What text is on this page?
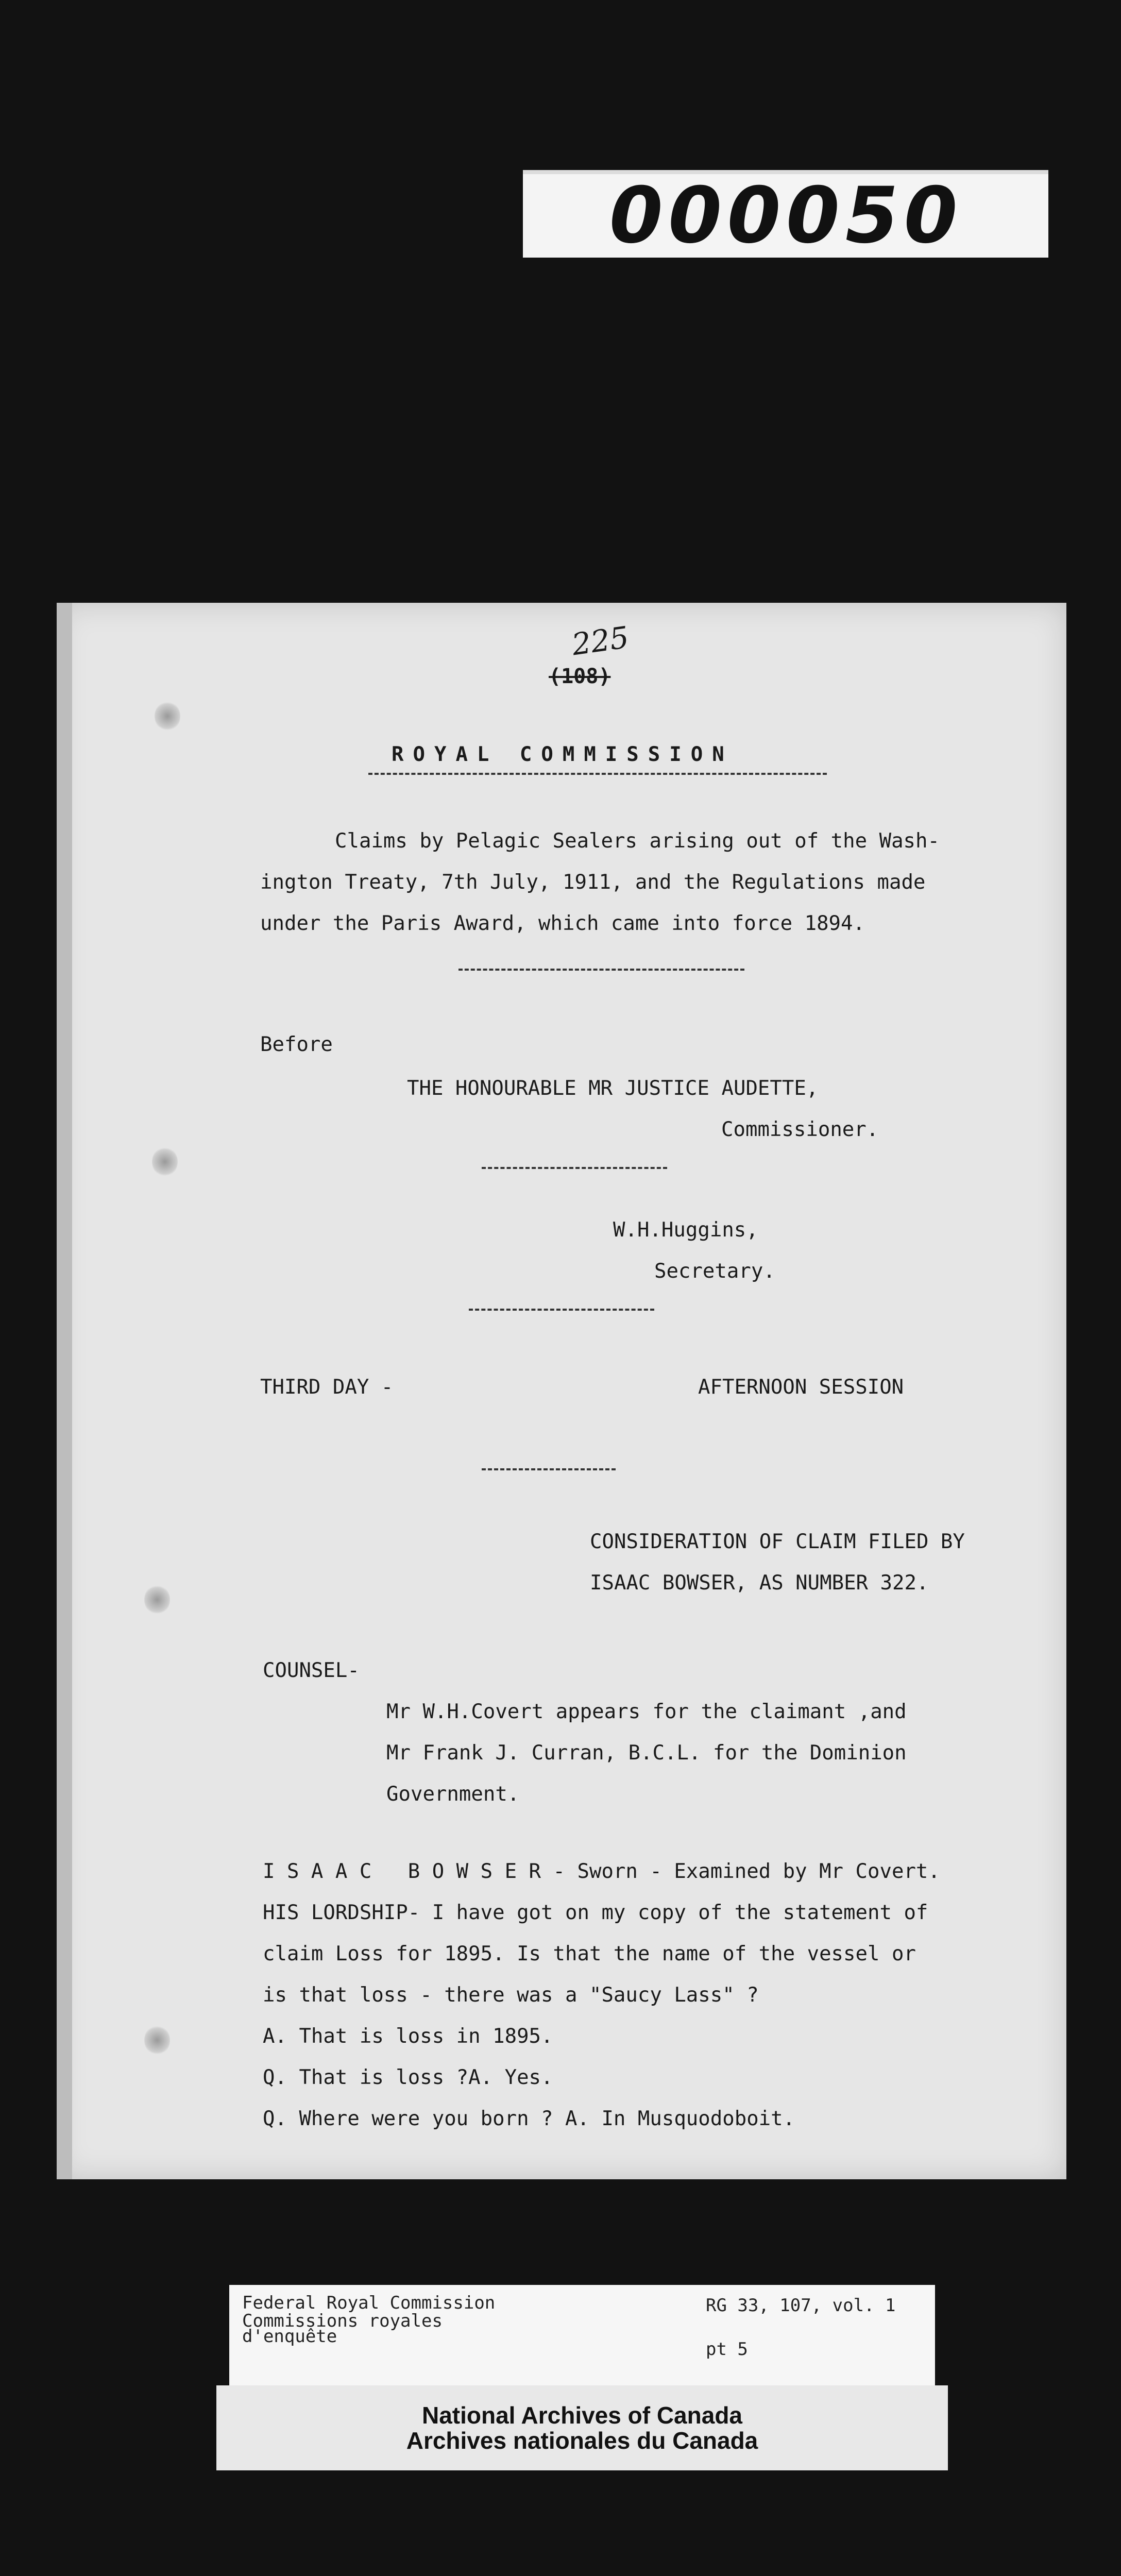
000050
225
(108)
ROYAL COMMISSION
Claims by Pelagic Sealers arising out of the Wash-
ington Treaty, 7th July, 1911, and the Regulations made
under the Paris Award, which came into force 1894.
Before
THE HONOURABLE MR JUSTICE AUDETTE,
Commissioner.
W.H.Huggins,
Secretary.
THIRD DAY -	AFTERNOON SESSION
CONSIDERATION OF CLAIM FILED BY
ISAAC BOWSER, AS NUMBER 322.
COUNSEL-
Mr W.H.Covert appears for the claimant ,and
Mr Frank J. Curran, B.C.L. for the Dominion
Government.
I S A A C   B O W S E R - Sworn - Examined by Mr Covert.
HIS LORDSHIP- I have got on my copy of the statement of
claim Loss for 1895. Is that the name of the vessel or
is that loss - there was a "Saucy Lass" ?
A. That is loss in 1895.
Q. That is loss ?A. Yes.
Q. Where were you born ? A. In Musquodoboit.
Federal Royal Commission
Commissions royales
d'enquête
RG 33, 107, vol. 1
pt 5
National Archives of Canada
Archives nationales du Canada
